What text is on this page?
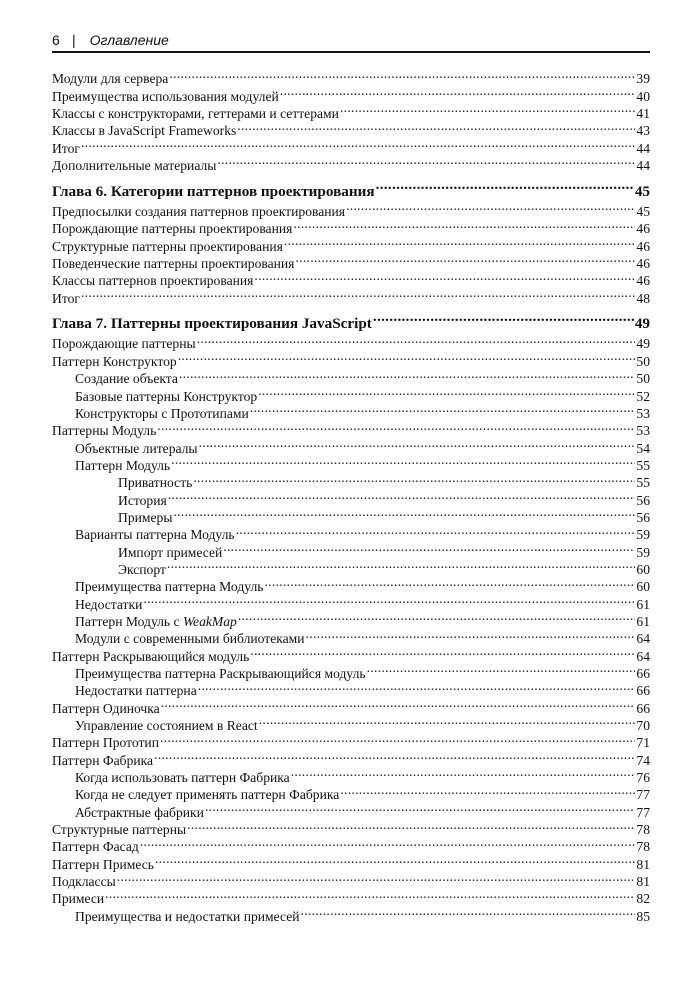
6 | Оглавление
Модули для сервера .....	39
Преимущества использования модулей .....	40
Классы с конструкторами, геттерами и сеттерами .....	41
Классы в JavaScript Frameworks .....	43
Итог .....	44
Дополнительные материалы .....	44
Глава 6. Категории паттернов проектирования .....	45
Предпосылки создания паттернов проектирования .....	45
Порождающие паттерны проектирования .....	46
Структурные паттерны проектирования .....	46
Поведенческие паттерны проектирования .....	46
Классы паттернов проектирования .....	46
Итог .....	48
Глава 7. Паттерны проектирования JavaScript .....	49
Порождающие паттерны .....	49
Паттерн Конструктор .....	50
Создание объекта .....	50
Базовые паттерны Конструктор .....	52
Конструкторы с Прототипами .....	53
Паттерны Модуль .....	53
Объектные литералы .....	54
Паттерн Модуль .....	55
Приватность .....	55
История .....	56
Примеры .....	56
Варианты паттерна Модуль .....	59
Импорт примесей .....	59
Экспорт .....	60
Преимущества паттерна Модуль .....	60
Недостатки .....	61
Паттерн Модуль с WeakMap .....	61
Модули с современными библиотеками .....	64
Паттерн Раскрывающийся модуль .....	64
Преимущества паттерна Раскрывающийся модуль .....	66
Недостатки паттерна .....	66
Паттерн Одиночка .....	66
Управление состоянием в React .....	70
Паттерн Прототип .....	71
Паттерн Фабрика .....	74
Когда использовать паттерн Фабрика .....	76
Когда не следует применять паттерн Фабрика .....	77
Абстрактные фабрики .....	77
Структурные паттерны .....	78
Паттерн Фасад .....	78
Паттерн Примесь .....	81
Подклассы .....	81
Примеси .....	82
Преимущества и недостатки примесей .....	85
